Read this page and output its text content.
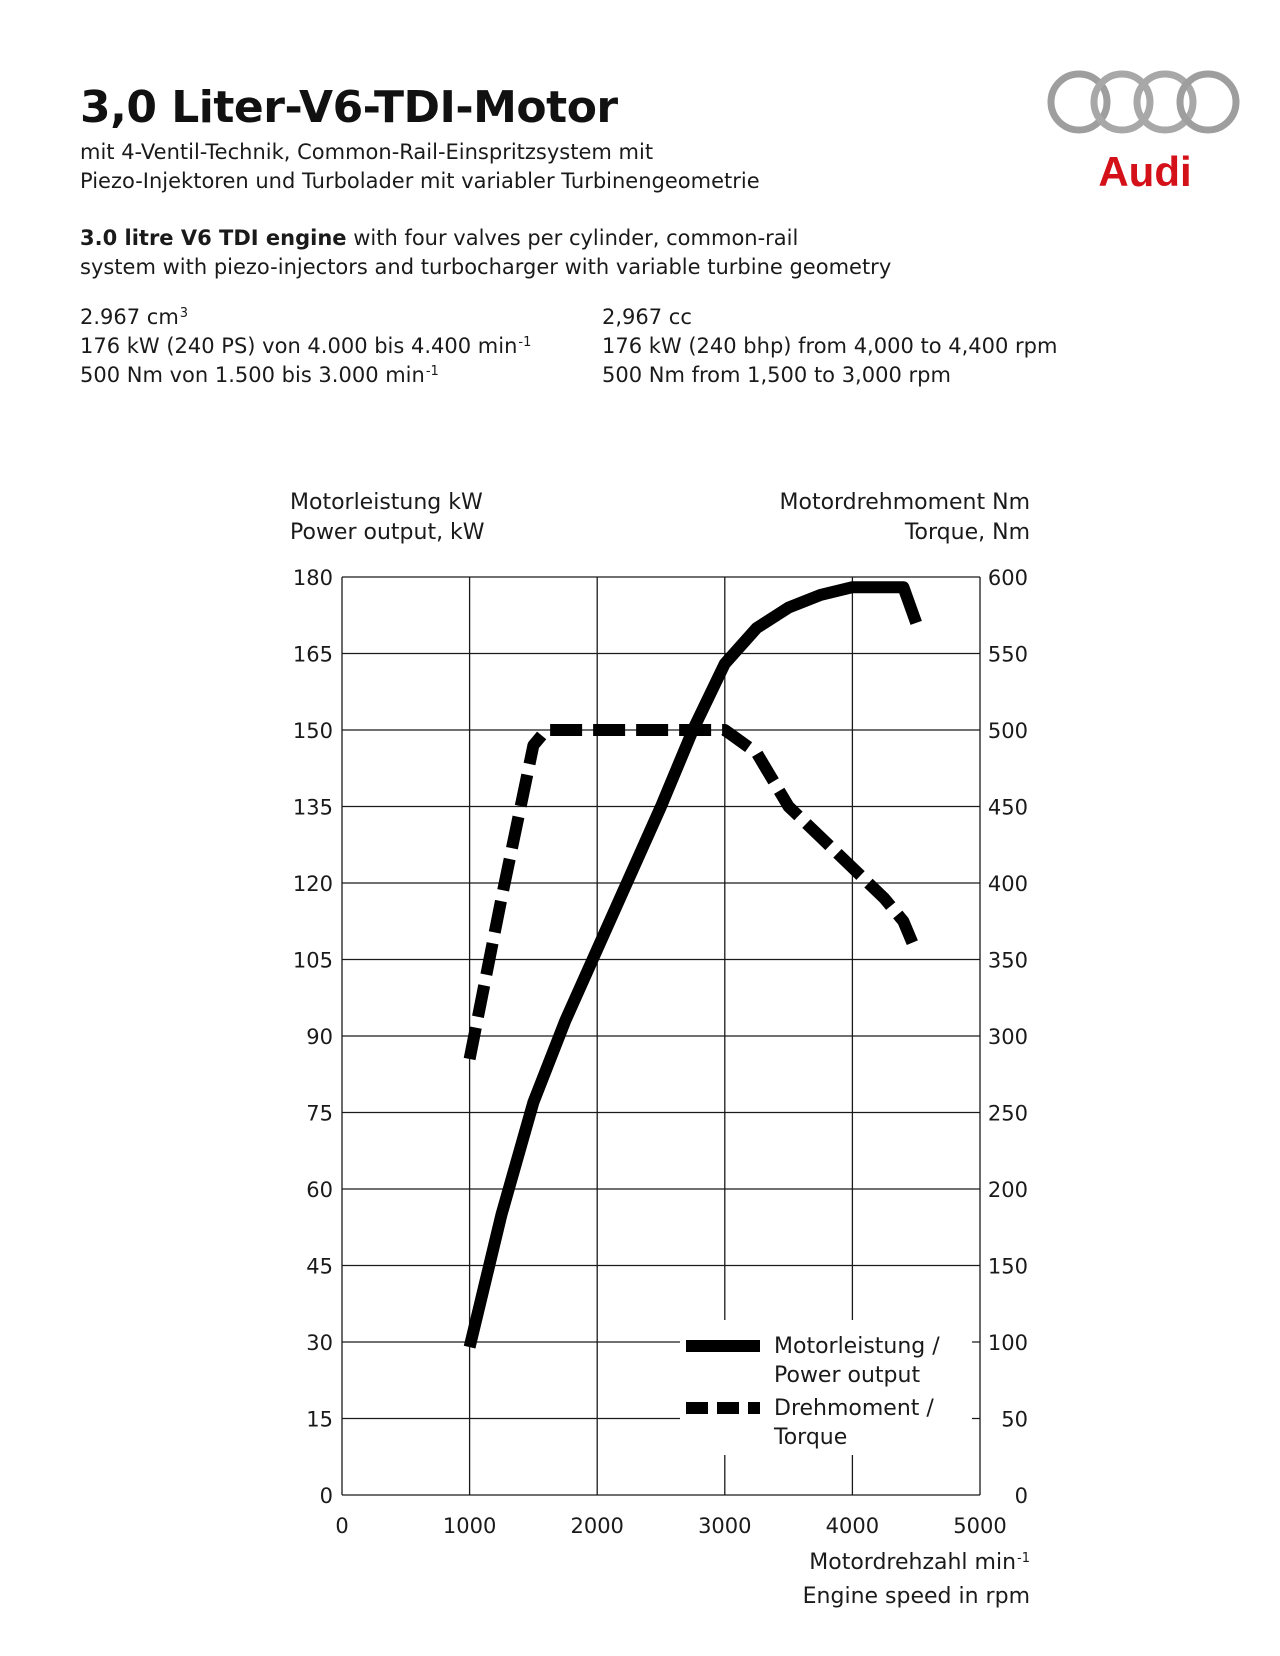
3,0 Liter-V6-TDI-Motor
mit 4-Ventil-Technik, Common-Rail-Einspritzsystem mit
Piezo-Injektoren und Turbolader mit variabler Turbinengeometrie
3.0 litre V6 TDI engine with four valves per cylinder, common-rail
system with piezo-injectors and turbocharger with variable turbine geometry
2.967 $cm^3$
176 kW (240 PS) von 4.000 bis 4.400 $\min^{-1}$
500 Nm von 1.500 bis 3.000 $\min^{-1}$
2,967 cc
176 kW (240 bhp) from 4,000 to 4,400 rpm
500 Nm from 1,500 to 3,000 rpm
Audi
Motorleistung kW
Power output, kW
Motordrehmoment Nm
Torque, Nm
Motordrehzahl $\min^{-1}$
Engine speed in rpm
0
15
30
45
60
75
90
105
120
135
150
165
180
0
50
100
150
200
250
300
350
400
450
500
550
600
0	1000	2000	3000	4000	5000
Motorleistung /
Power output
Drehmoment /
Torque
